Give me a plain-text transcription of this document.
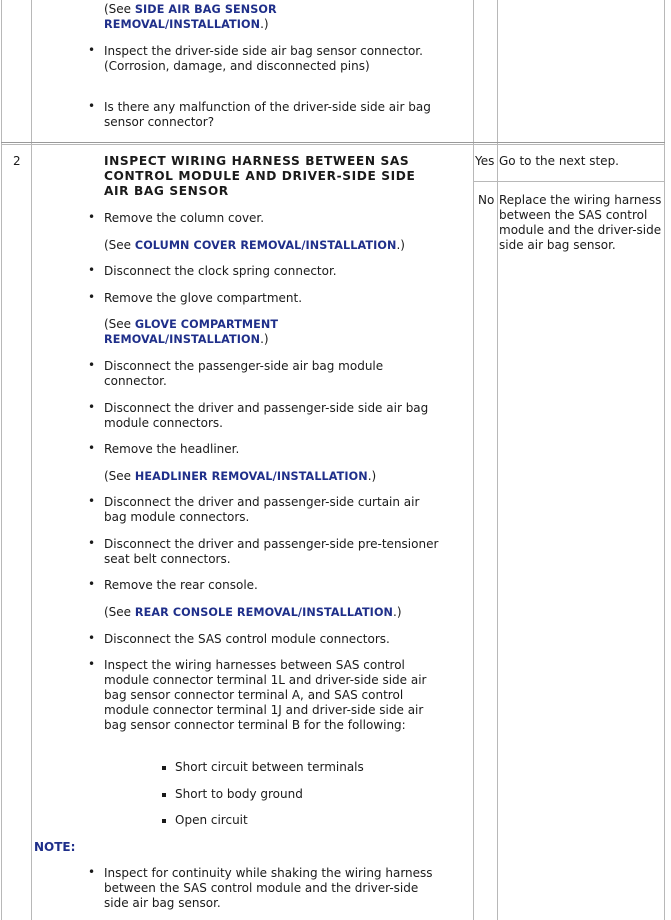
(See SIDE AIR BAG SENSOR REMOVAL/INSTALLATION.)
• Inspect the driver-side side air bag sensor connector. (Corrosion, damage, and disconnected pins)
• Is there any malfunction of the driver-side side air bag sensor connector?
2	INSPECT WIRING HARNESS BETWEEN SAS CONTROL MODULE AND DRIVER-SIDE SIDE AIR BAG SENSOR
Yes Go to the next step.
No Replace the wiring harness between the SAS control module and the driver-side side air bag sensor.
• Remove the column cover.
(See COLUMN COVER REMOVAL/INSTALLATION.)
• Disconnect the clock spring connector.
• Remove the glove compartment.
(See GLOVE COMPARTMENT REMOVAL/INSTALLATION.)
• Disconnect the passenger-side air bag module connector.
• Disconnect the driver and passenger-side side air bag module connectors.
• Remove the headliner.
(See HEADLINER REMOVAL/INSTALLATION.)
• Disconnect the driver and passenger-side curtain air bag module connectors.
• Disconnect the driver and passenger-side pre-tensioner seat belt connectors.
• Remove the rear console.
(See REAR CONSOLE REMOVAL/INSTALLATION.)
• Disconnect the SAS control module connectors.
• Inspect the wiring harnesses between SAS control module connector terminal 1L and driver-side side air bag sensor connector terminal A, and SAS control module connector terminal 1J and driver-side side air bag sensor connector terminal B for the following:
Short circuit between terminals
Short to body ground
Open circuit
NOTE:
• Inspect for continuity while shaking the wiring harness between the SAS control module and the driver-side side air bag sensor.
